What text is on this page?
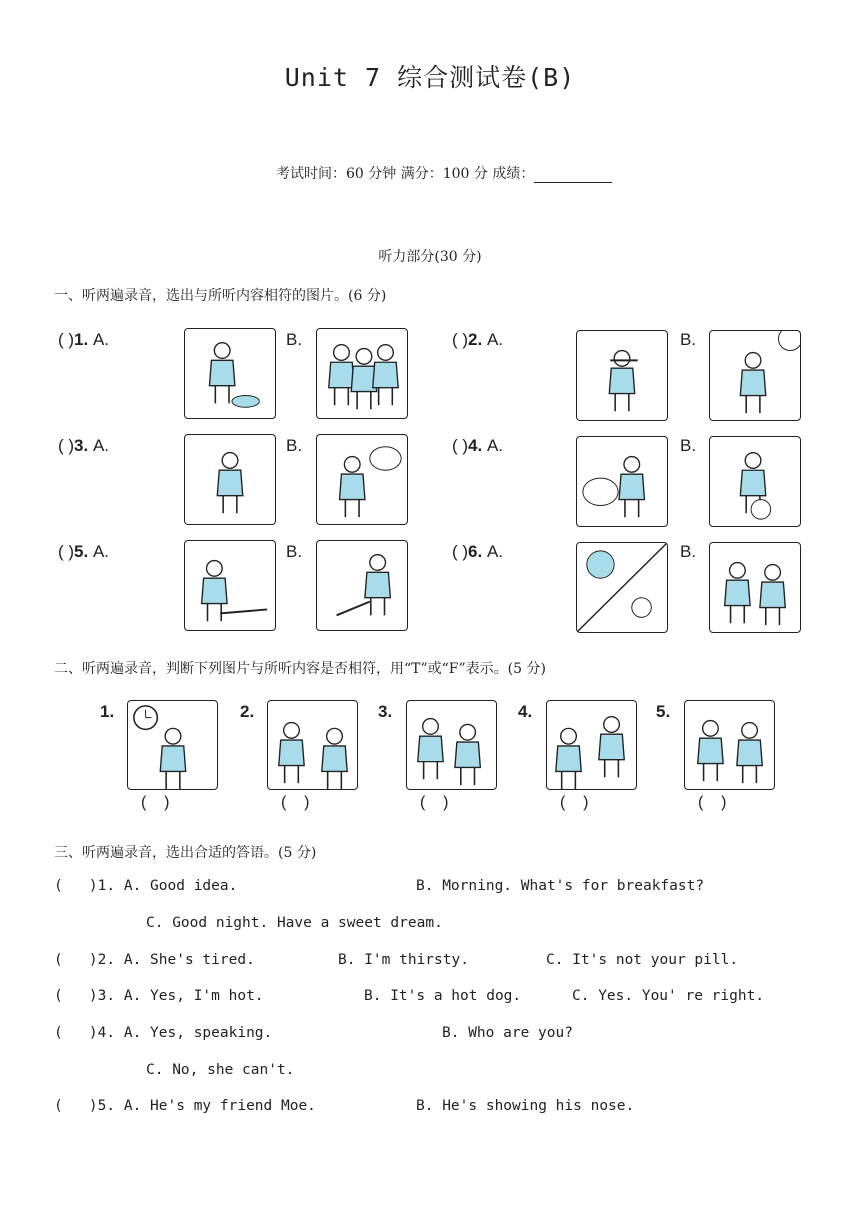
Unit 7 综合测试卷(B)
考试时间：60 分钟 满分：100 分 成绩：
听力部分(30 分)
一、听两遍录音，选出与所听内容相符的图片。(6 分)
( )1. A.	B.	( )2. A.	B.
( )3. A.	B.	( )4. A.	B.
( )5. A.	B.	( )6. A.	B.
二、听两遍录音，判断下列图片与所听内容是否相符，用“T”或“F”表示。(5 分)
1.
(    )
2.
(    )
3.
(    )
4.
(    )
5.
(    )
三、听两遍录音，选出合适的答语。(5 分)
(   )1. A. Good idea.	B. Morning. What's for breakfast?
C. Good night. Have a sweet dream.
(   )2. A. She's tired.	B. I'm thirsty.	C. It's not your pill.
(   )3. A. Yes, I'm hot.	B. It's a hot dog.	C. Yes. You' re right.
(   )4. A. Yes, speaking.	B. Who are you?
C. No, she can't.
(   )5. A. He's my friend Moe.	B. He's showing his nose.
